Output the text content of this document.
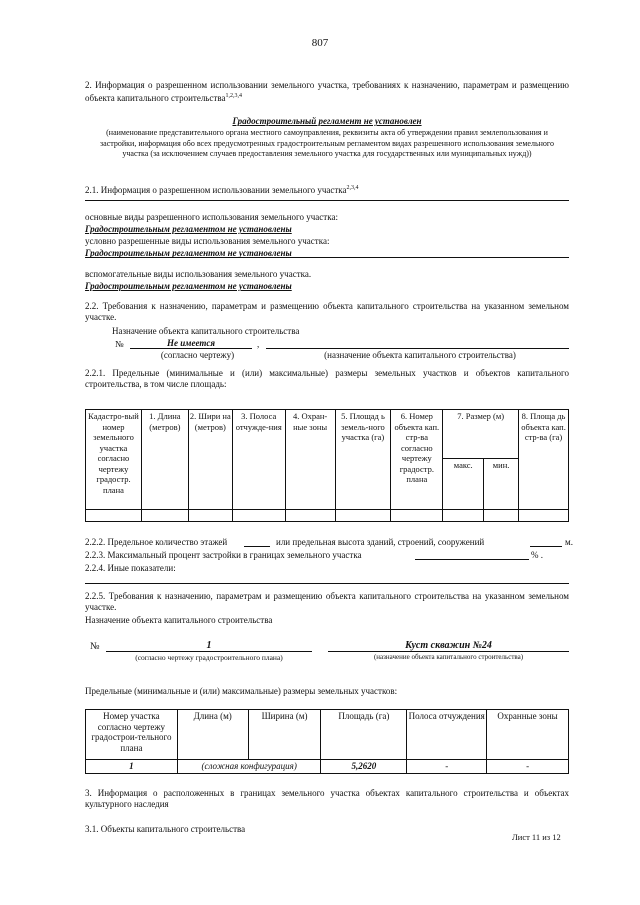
807
2. Информация о разрешенном использовании земельного участка, требованиях к назначению, параметрам и размещению объекта капитального строительства$^{1,2,3,4}$
Градостроительный регламент не установлен
(наименование представительного органа местного самоуправления, реквизиты акта об утверждении правил землепользования и застройки, информация обо всех предусмотренных градостроительным регламентом видах разрешенного использования земельного участка (за исключением случаев предоставления земельного участка для государственных или муниципальных нужд))
2.1. Информация о разрешенном использовании земельного участка$^{2,3,4}$
основные виды разрешенного использования земельного участка:
Градостроительным регламентом не установлены
условно разрешенные виды использования земельного участка:
Градостроительным регламентом не установлены
вспомогательные виды использования земельного участка.
Градостроительным регламентом не установлены
2.2. Требования к назначению, параметрам и размещению объекта капитального строительства на указанном земельном участке.
Назначение объекта капитального строительства
№	Не имеется	,
(согласно чертежу)	(назначение объекта капитального строительства)
2.2.1. Предельные (минимальные и (или) максимальные) размеры земельных участков и объектов капитального строительства, в том числе площадь:
Кадастро-вый номер земельного участка согласно чертежу градостр. плана	1. Длина (метров)	2. Шири на (метров)	3. Полоса отчужде-ния	4. Охран-ные зоны	5. Площад ь земель-ного участка (га)	6. Номер объекта кап. стр-ва согласно чертежу градостр. плана	7. Размер (м)		8. Площа дь объекта кап. стр-ва (га)
							макс.	мин.	

2.2.2. Предельное количество этажей	или предельная высота зданий, строений, сооружений	м.
2.2.3. Максимальный процент застройки в границах земельного участка	% .
2.2.4. Иные показатели:
2.2.5. Требования к назначению, параметрам и размещению объекта капитального строительства на указанном земельном участке.
Назначение объекта капитального строительства
№	1	Куст скважин №24
(согласно чертежу градостроительного плана)	(назначение объекта капитального строительства)
Предельные (минимальные и (или) максимальные) размеры земельных участков:
Номер участка согласно чертежу градострои-тельного плана	Длина (м)	Ширина (м)	Площадь (га)	Полоса отчуждения	Охранные зоны
1	(сложная конфигурация)		5,2620	-	-
3. Информация о расположенных в границах земельного участка объектах капитального строительства и объектах культурного наследия
3.1. Объекты капитального строительства
Лист 11 из 12
